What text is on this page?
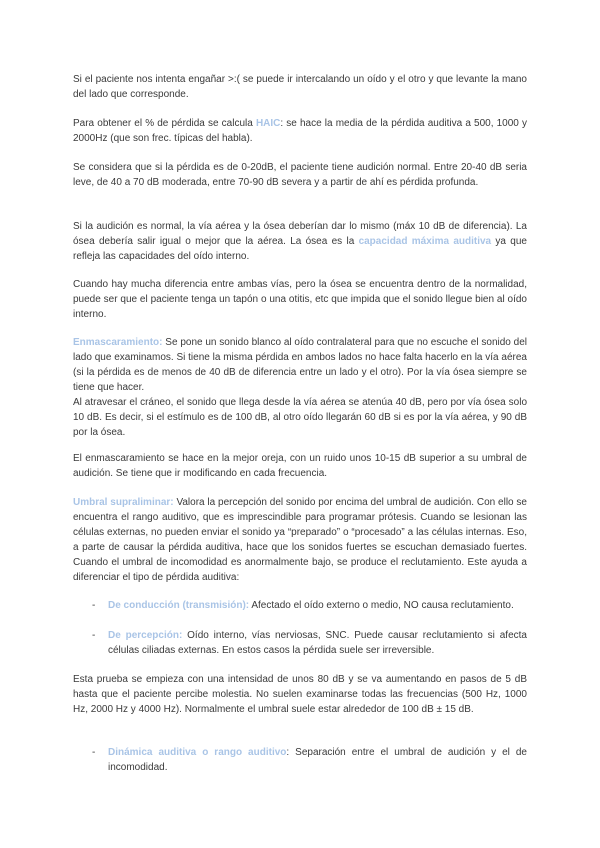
Si el paciente nos intenta engañar >:( se puede ir intercalando un oído y el otro y que levante la mano del lado que corresponde.

Para obtener el % de pérdida se calcula HAIC: se hace la media de la pérdida auditiva a 500, 1000 y 2000Hz (que son frec. típicas del habla).

Se considera que si la pérdida es de 0-20dB, el paciente tiene audición normal. Entre 20-40 dB seria leve, de 40 a 70 dB moderada, entre 70-90 dB severa y a partir de ahí es pérdida profunda.

Si la audición es normal, la vía aérea y la ósea deberían dar lo mismo (máx 10 dB de diferencia). La ósea debería salir igual o mejor que la aérea. La ósea es la capacidad máxima auditiva ya que refleja las capacidades del oído interno.

Cuando hay mucha diferencia entre ambas vías, pero la ósea se encuentra dentro de la normalidad, puede ser que el paciente tenga un tapón o una otitis, etc que impida que el sonido llegue bien al oído interno.

Enmascaramiento: Se pone un sonido blanco al oído contralateral para que no escuche el sonido del lado que examinamos. Si tiene la misma pérdida en ambos lados no hace falta hacerlo en la vía aérea (si la pérdida es de menos de 40 dB de diferencia entre un lado y el otro). Por la vía ósea siempre se tiene que hacer.
Al atravesar el cráneo, el sonido que llega desde la vía aérea se atenúa 40 dB, pero por vía ósea solo 10 dB. Es decir, si el estímulo es de 100 dB, al otro oído llegarán 60 dB si es por la vía aérea, y 90 dB por la ósea.

El enmascaramiento se hace en la mejor oreja, con un ruido unos 10-15 dB superior a su umbral de audición. Se tiene que ir modificando en cada frecuencia.

Umbral supraliminar: Valora la percepción del sonido por encima del umbral de audición. Con ello se encuentra el rango auditivo, que es imprescindible para programar prótesis. Cuando se lesionan las células externas, no pueden enviar el sonido ya “preparado” o “procesado” a las células internas. Eso, a parte de causar la pérdida auditiva, hace que los sonidos fuertes se escuchan demasiado fuertes. Cuando el umbral de incomodidad es anormalmente bajo, se produce el reclutamiento. Este ayuda a diferenciar el tipo de pérdida auditiva:

- De conducción (transmisión): Afectado el oído externo o medio, NO causa reclutamiento.
- De percepción: Oído interno, vías nerviosas, SNC. Puede causar reclutamiento si afecta células ciliadas externas. En estos casos la pérdida suele ser irreversible.

Esta prueba se empieza con una intensidad de unos 80 dB y se va aumentando en pasos de 5 dB hasta que el paciente percibe molestia. No suelen examinarse todas las frecuencias (500 Hz, 1000 Hz, 2000 Hz y 4000 Hz). Normalmente el umbral suele estar alrededor de 100 dB ± 15 dB.

- Dinámica auditiva o rango auditivo: Separación entre el umbral de audición y el de incomodidad.
